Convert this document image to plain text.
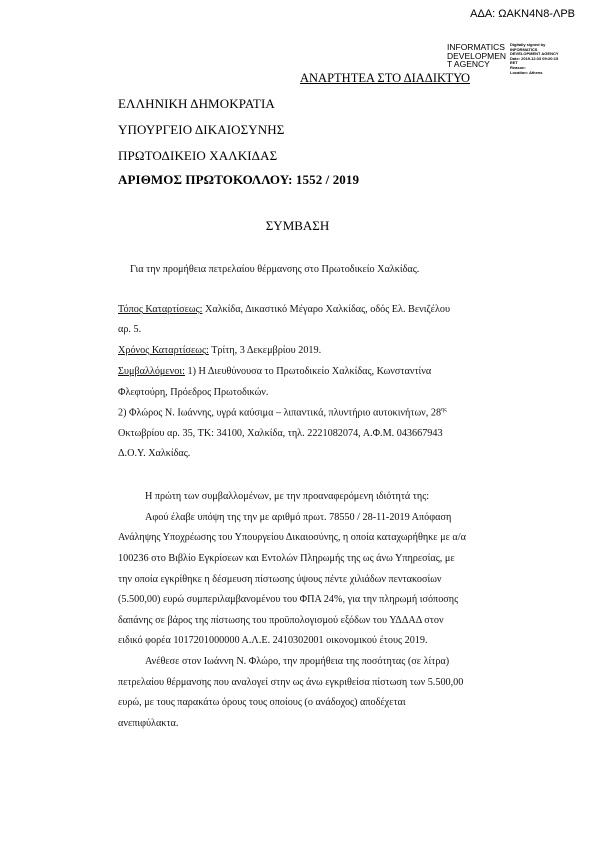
ΑΔΑ: ΩΑΚΝ4Ν8-ΛΡΒ
INFORMATICS
DEVELOPMEN
T AGENCY
Digitally signed by
INFORMATICS
DEVELOPMENT AGENCY
Date: 2019.12.03 09:20:15
EET
Reason:
Location: Athens
ΑΝΑΡΤΗΤΕΑ ΣΤΟ ΔΙΑΔΙΚΤΥΟ
ΕΛΛΗΝΙΚΗ ΔΗΜΟΚΡΑΤΙΑ
ΥΠΟΥΡΓΕΙΟ ΔΙΚΑΙΟΣΥΝΗΣ
ΠΡΩΤΟΔΙΚΕΙΟ ΧΑΛΚΙΔΑΣ
ΑΡΙΘΜΟΣ ΠΡΩΤΟΚΟΛΛΟΥ: 1552 / 2019
ΣΥΜΒΑΣΗ
Για την προμήθεια πετρελαίου θέρμανσης στο Πρωτοδικείο Χαλκίδας.
Τόπος Καταρτίσεως: Χαλκίδα, Δικαστικό Μέγαρο Χαλκίδας, οδός Ελ. Βενιζέλου
αρ. 5.
Χρόνος Καταρτίσεως: Τρίτη, 3 Δεκεμβρίου 2019.
Συμβαλλόμενοι: 1) Η Διευθύνουσα το Πρωτοδικείο Χαλκίδας, Κωνσταντίνα
Φλεφτούρη, Πρόεδρος Πρωτοδικών.
2) Φλώρος Ν. Ιωάννης, υγρά καύσιμα – λιπαντικά, πλυντήριο αυτοκινήτων, $28^{\eta\varsigma}$
Οκτωβρίου αρ. 35, ΤΚ: 34100, Χαλκίδα, τηλ. 2221082074, Α.Φ.Μ. 043667943
Δ.Ο.Υ. Χαλκίδας.
Η πρώτη των συμβαλλομένων, με την προαναφερόμενη ιδιότητά της:
Αφού έλαβε υπόψη της την με αριθμό πρωτ. 78550 / 28-11-2019 Απόφαση
Ανάληψης Υποχρέωσης του Υπουργείου Δικαιοσύνης, η οποία καταχωρήθηκε με α/α
100236 στο Βιβλίο Εγκρίσεων και Εντολών Πληρωμής της ως άνω Υπηρεσίας, με
την οποία εγκρίθηκε η δέσμευση πίστωσης ύψους πέντε χιλιάδων πεντακοσίων
(5.500,00) ευρώ συμπεριλαμβανομένου του ΦΠΑ 24%, για την πληρωμή ισόποσης
δαπάνης σε βάρος της πίστωσης του προϋπολογισμού εξόδων του ΥΔΔΑΔ στον
ειδικό φορέα 1017201000000 Α.Λ.Ε. 2410302001 οικονομικού έτους 2019.
Ανέθεσε στον Ιωάννη Ν. Φλώρο, την προμήθεια της ποσότητας (σε λίτρα)
πετρελαίου θέρμανσης που αναλογεί στην ως άνω εγκριθείσα πίστωση των 5.500,00
ευρώ, με τους παρακάτω όρους τους οποίους (ο ανάδοχος) αποδέχεται
ανεπιφύλακτα.
